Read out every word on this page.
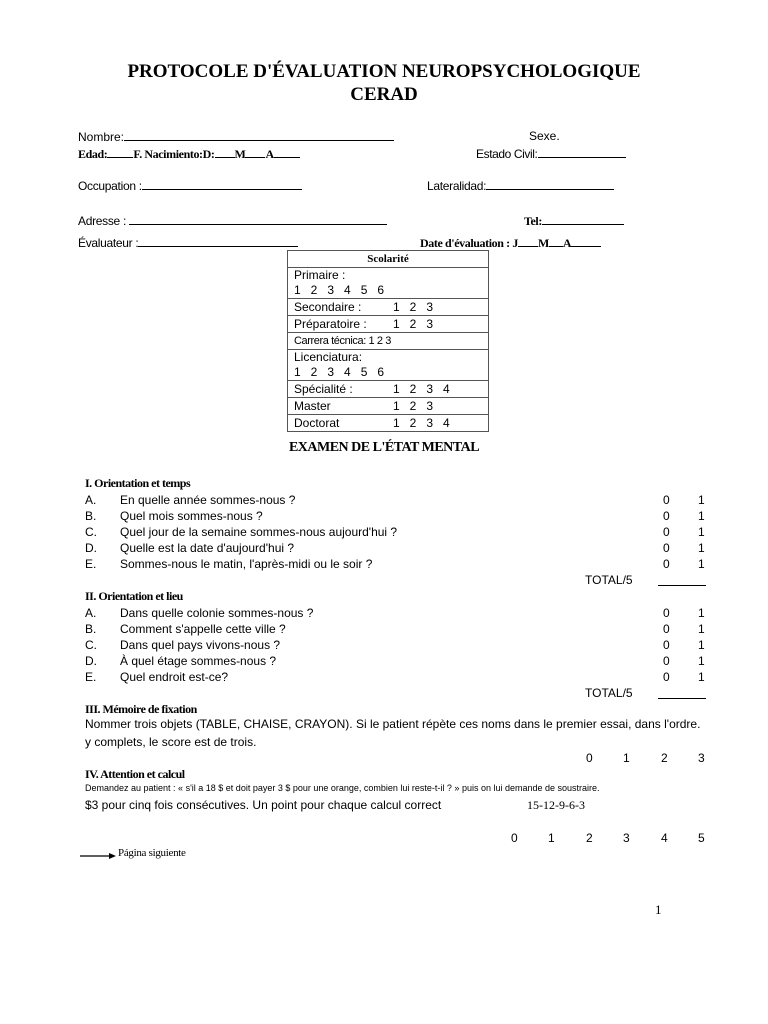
PROTOCOLE D'ÉVALUATION NEUROPSYCHOLOGIQUE
CERAD
Nombre:	Sexe.
Edad: F. Nacimiento:D: M A	Estado Civil:
Occupation :	Lateralidad:
Adresse :	Tel:
Évaluateur :	Date d'évaluation : J M A
Scolarité
Primaire :1   2   3   4   5   6
Secondaire :	1   2   3
Préparatoire : 1   2   3
Carrera técnica: 1 2 3
Licenciatura:1   2   3   4   5   6
Spécialité :	1   2   3   4
Master	1   2   3
Doctorat	1   2   3   4
EXAMEN DE L'ÉTAT MENTAL
I. Orientation et temps
A. En quelle année sommes-nous ?	0 1
B. Quel mois sommes-nous ?	0 1
C. Quel jour de la semaine sommes-nous aujourd'hui ?	0 1
D. Quelle est la date d'aujourd'hui ?	0 1
E. Sommes-nous le matin, l'après-midi ou le soir ?	0 1
TOTAL/5
II. Orientation et lieu
A. Dans quelle colonie sommes-nous ?	0 1
B. Comment s'appelle cette ville ?	0 1
C. Dans quel pays vivons-nous ?	0 1
D. À quel étage sommes-nous ?	0 1
E. Quel endroit est-ce?	0 1
TOTAL/5
III. Mémoire de fixation
Nommer trois objets (TABLE, CHAISE, CRAYON). Si le patient répète ces noms dans le premier essai, dans l'ordre.
y complets, le score est de trois.
0	1	2	3
IV. Attention et calcul
Demandez au patient : « s'il a 18 $ et doit payer 3 $ pour une orange, combien lui reste-t-il ? » puis on lui demande de soustraire.
$3 pour cinq fois consécutives. Un point pour chaque calcul correct	15-12-9-6-3
0	1	2	3	4	5
Página siguiente
1
